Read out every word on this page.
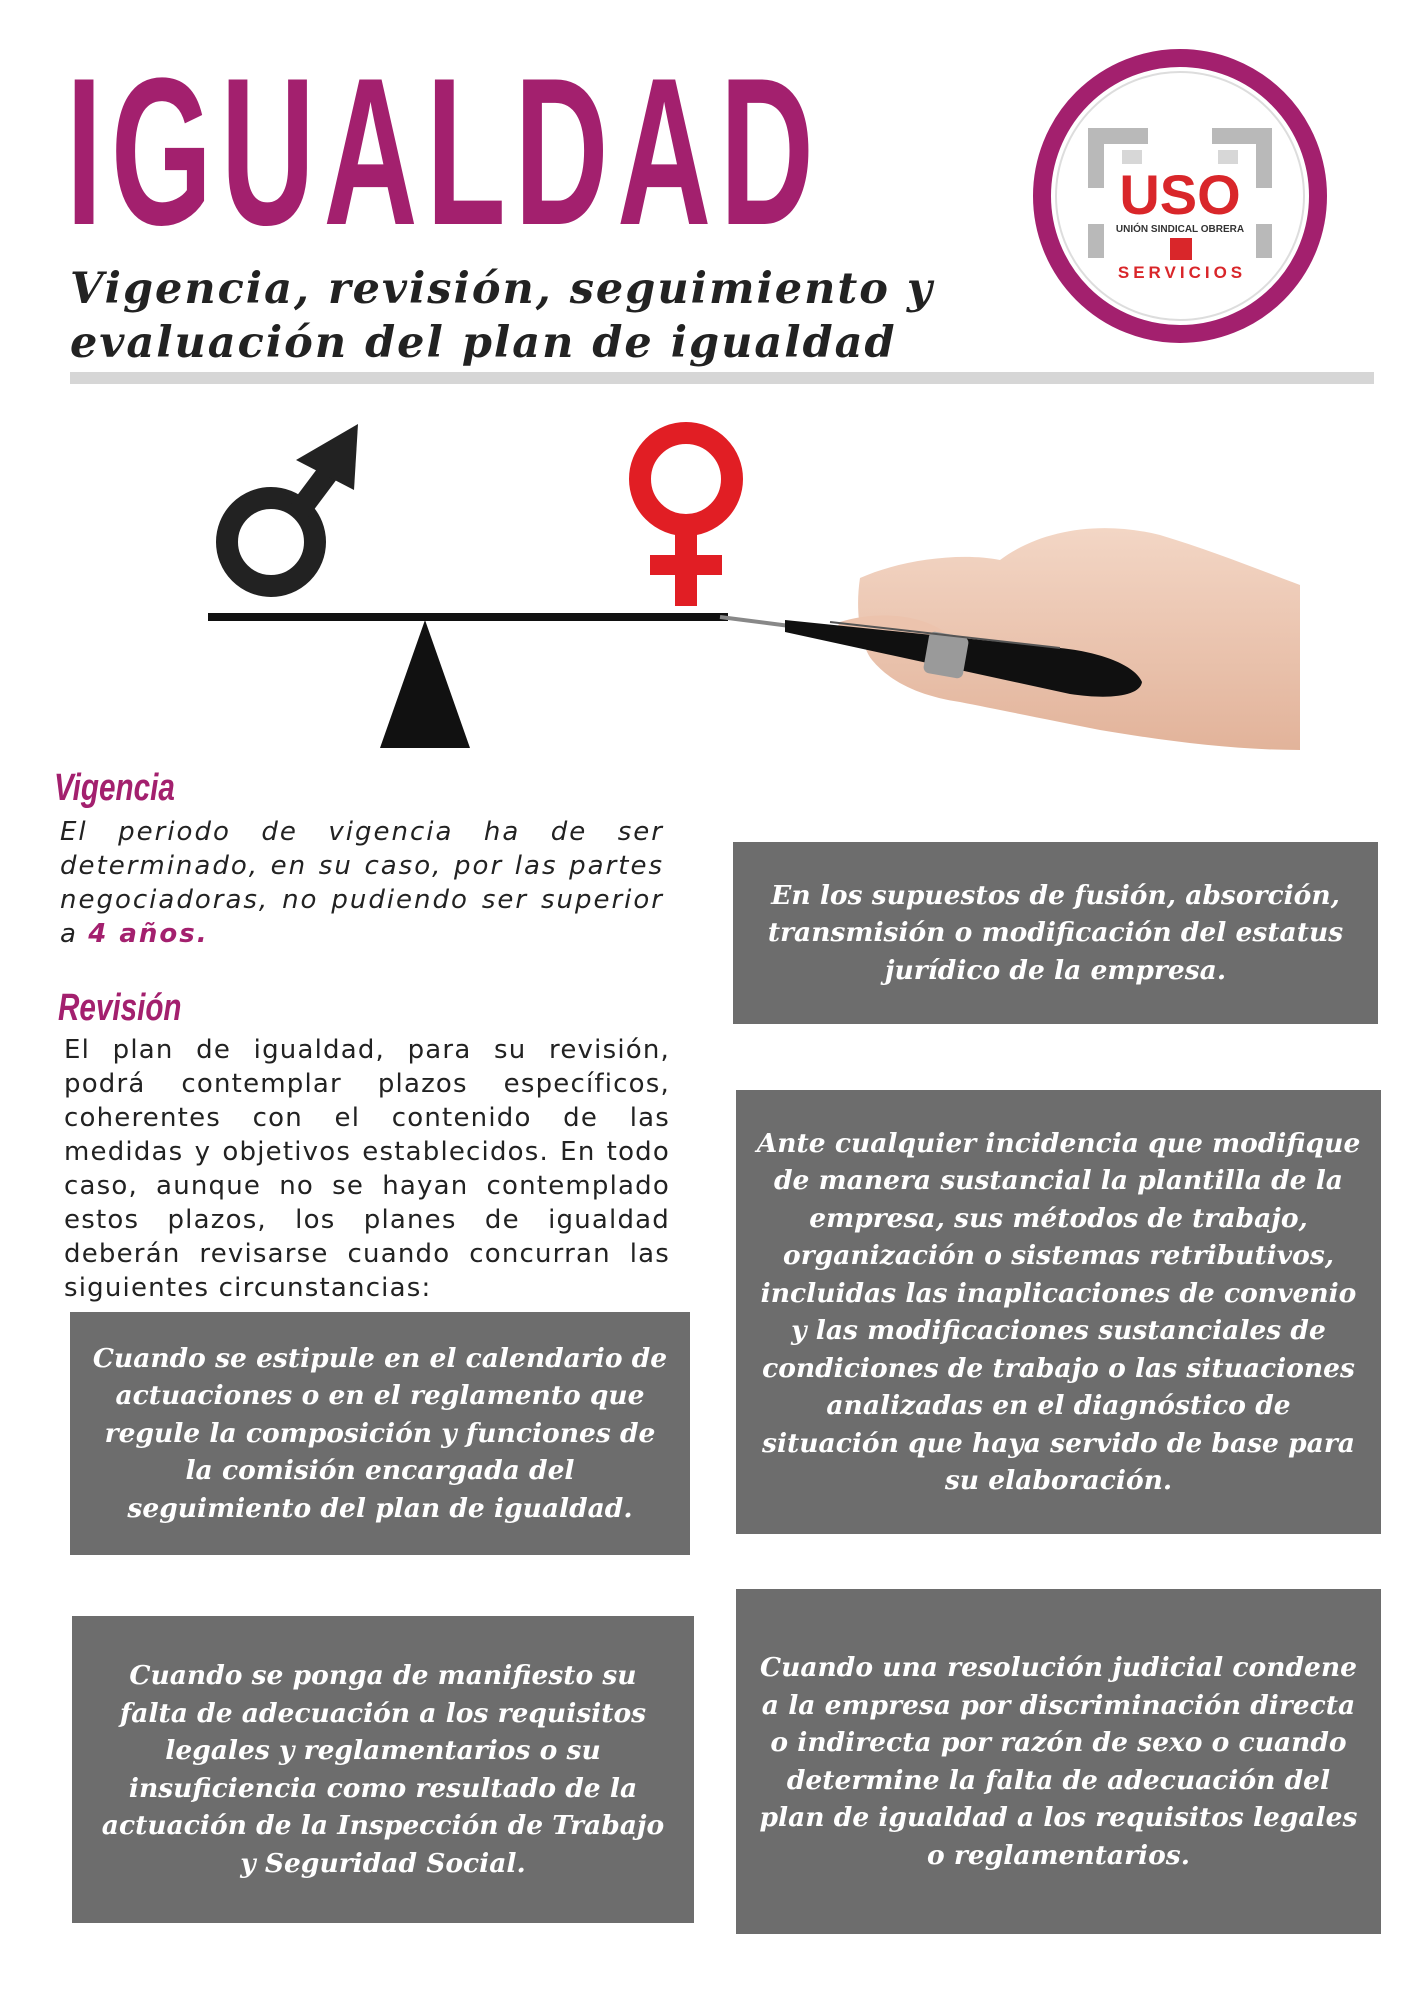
IGUALDAD
Vigencia, revisión, seguimiento y evaluación del plan de igualdad
USO
UNIÓN SINDICAL OBRERA
SERVICIOS
Vigencia

El periodo de vigencia ha de ser determinado, en su caso, por las partes negociadoras, no pudiendo ser superior a 4 años.

Revisión

El plan de igualdad, para su revisión, podrá contemplar plazos específicos, coherentes con el contenido de las medidas y objetivos establecidos. En todo caso, aunque no se hayan contemplado estos plazos, los planes de igualdad deberán revisarse cuando concurran las siguientes circunstancias:

En los supuestos de fusión, absorción, transmisión o modificación del estatus jurídico de la empresa.

Ante cualquier incidencia que modifique de manera sustancial la plantilla de la empresa, sus métodos de trabajo, organización o sistemas retributivos, incluidas las inaplicaciones de convenio y las modificaciones sustanciales de condiciones de trabajo o las situaciones analizadas en el diagnóstico de situación que haya servido de base para su elaboración.

Cuando se estipule en el calendario de actuaciones o en el reglamento que regule la composición y funciones de la comisión encargada del seguimiento del plan de igualdad.

Cuando una resolución judicial condene a la empresa por discriminación directa o indirecta por razón de sexo o cuando determine la falta de adecuación del plan de igualdad a los requisitos legales o reglamentarios.

Cuando se ponga de manifiesto su falta de adecuación a los requisitos legales y reglamentarios o su insuficiencia como resultado de la actuación de la Inspección de Trabajo y Seguridad Social.
